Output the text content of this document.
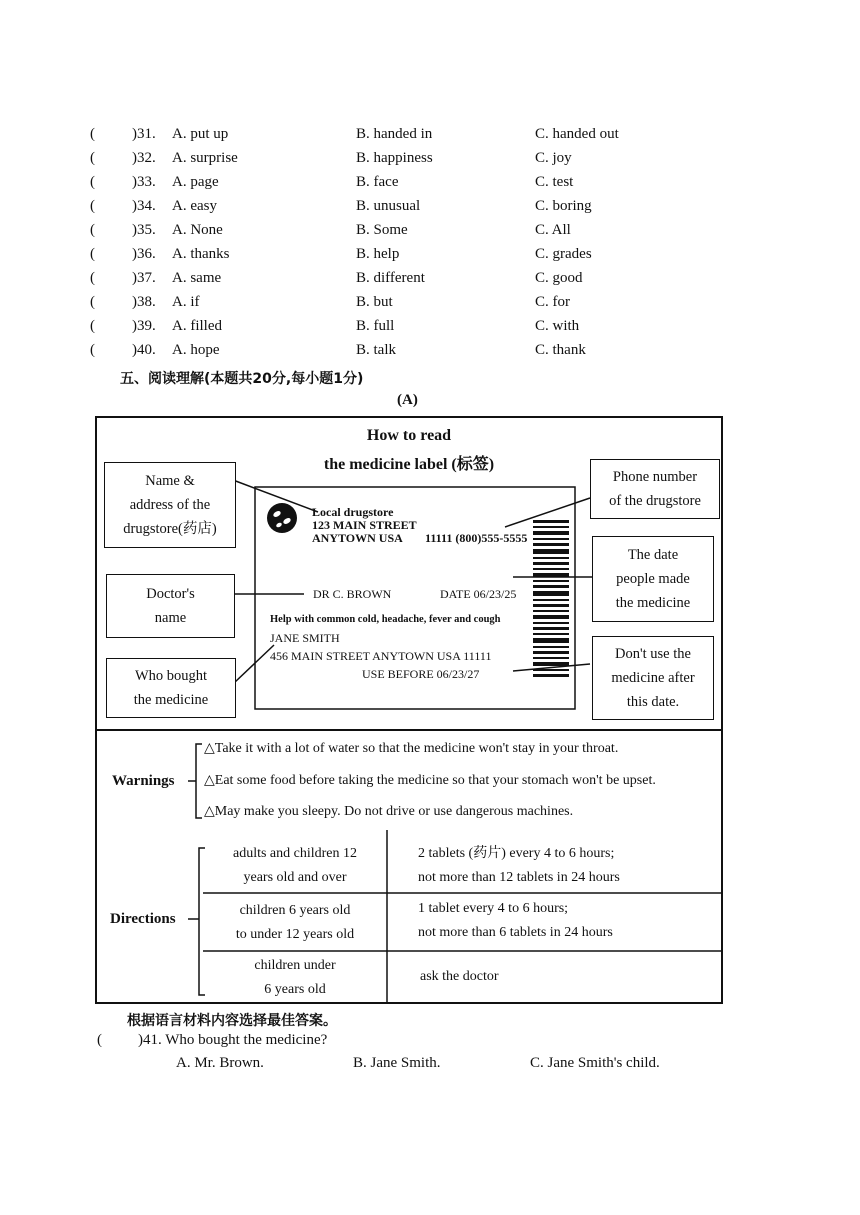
( )31. A. put up	B. handed in	C. handed out
( )32. A. surprise	B. happiness	C. joy
( )33. A. page	B. face	C. test
( )34. A. easy	B. unusual	C. boring
( )35. A. None	B. Some	C. All
( )36. A. thanks	B. help	C. grades
( )37. A. same	B. different	C. good
( )38. A. if	B. but	C. for
( )39. A. filled	B. full	C. with
( )40. A. hope	B. talk	C. thank
五、阅读理解(本题共20分,每小题1分)
(A)
How to read
the medicine label (标签)
Name &
address of the
drugstore(药店)
Phone number
of the drugstore
The date
people made
the medicine
Doctor's
name
Who bought
the medicine
Don't use the
medicine after
this date.
Local drugstore
123 MAIN STREET
ANYTOWN USA 11111 (800)555-5555
DR C. BROWN	DATE 06/23/25
Help with common cold, headache, fever and cough
JANE SMITH
456 MAIN STREET ANYTOWN USA 11111
USE BEFORE 06/23/27
Warnings
△Take it with a lot of water so that the medicine won't stay in your throat.
△Eat some food before taking the medicine so that your stomach won't be upset.
△May make you sleepy. Do not drive or use dangerous machines.
Directions
adults and children 12
years old and over
2 tablets (药片) every 4 to 6 hours;
not more than 12 tablets in 24 hours
children 6 years old
to under 12 years old
1 tablet every 4 to 6 hours;
not more than 6 tablets in 24 hours
children under
6 years old
ask the doctor
根据语言材料内容选择最佳答案。
( )41. Who bought the medicine?
A. Mr. Brown.	B. Jane Smith.	C. Jane Smith's child.
